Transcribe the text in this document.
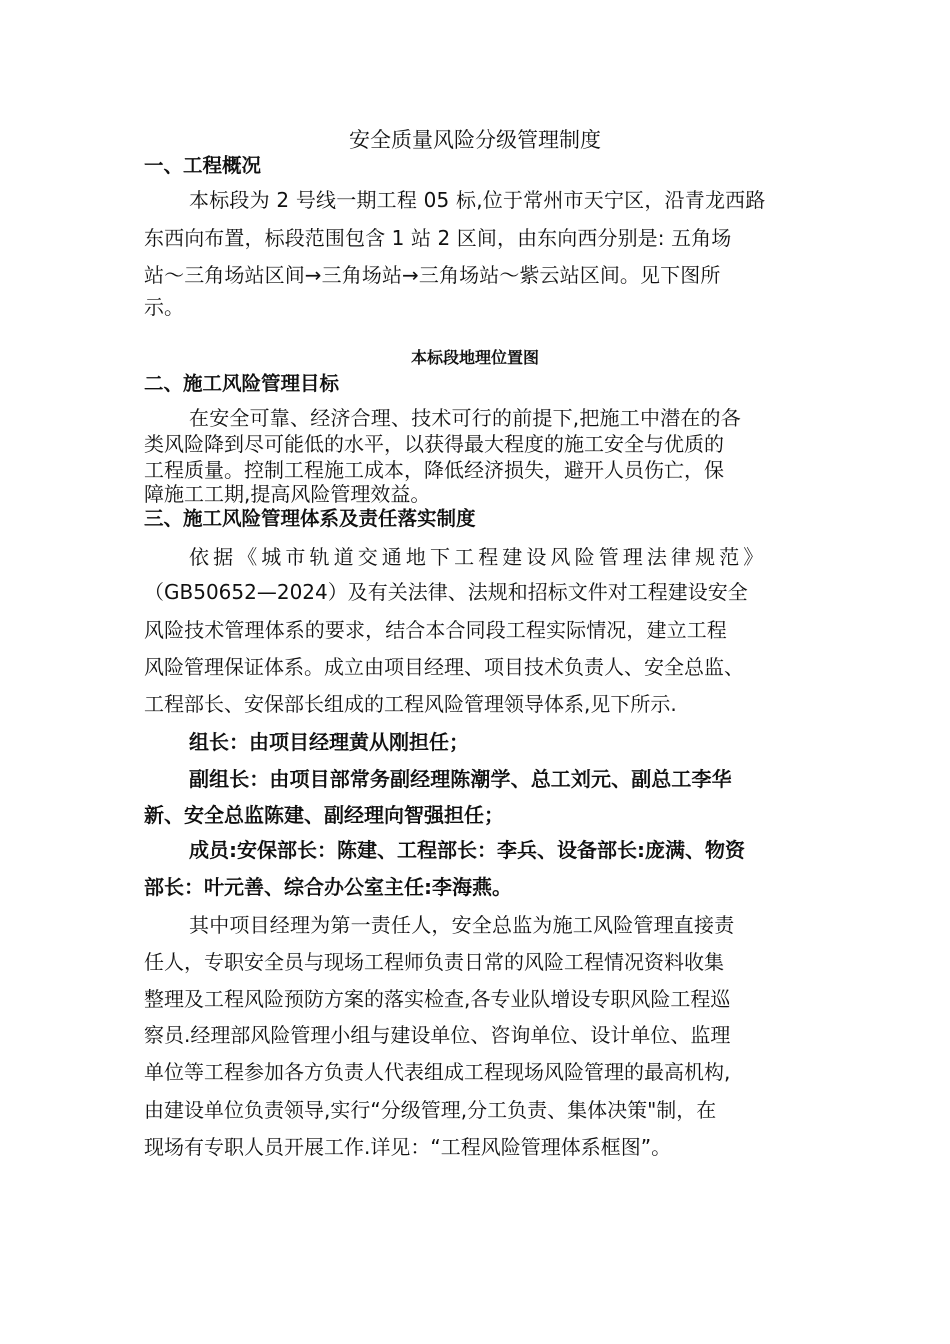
安全质量风险分级管理制度
一、工程概况
本标段为 2 号线一期工程 05 标,位于常州市天宁区，沿青龙西路
东西向布置，标段范围包含 1 站 2 区间，由东向西分别是: 五角场
站～三角场站区间→三角场站→三角场站～紫云站区间。见下图所
示。
本标段地理位置图
二、施工风险管理目标
在安全可靠、经济合理、技术可行的前提下,把施工中潜在的各
类风险降到尽可能低的水平，以获得最大程度的施工安全与优质的
工程质量。控制工程施工成本，降低经济损失，避开人员伤亡，保
障施工工期,提高风险管理效益。
三、施工风险管理体系及责任落实制度
依据《城市轨道交通地下工程建设风险管理法律规范》
（GB50652—2024）及有关法律、法规和招标文件对工程建设安全
风险技术管理体系的要求，结合本合同段工程实际情况，建立工程
风险管理保证体系。成立由项目经理、项目技术负责人、安全总监、
工程部长、安保部长组成的工程风险管理领导体系,见下所示.
组长：由项目经理黄从刚担任；
副组长：由项目部常务副经理陈潮学、总工刘元、副总工李华
新、安全总监陈建、副经理向智强担任；
成员:安保部长：陈建、工程部长：李兵、设备部长:庞满、物资
部长：叶元善、综合办公室主任:李海燕。
其中项目经理为第一责任人，安全总监为施工风险管理直接责
任人，专职安全员与现场工程师负责日常的风险工程情况资料收集
整理及工程风险预防方案的落实检查,各专业队增设专职风险工程巡
察员.经理部风险管理小组与建设单位、咨询单位、设计单位、监理
单位等工程参加各方负责人代表组成工程现场风险管理的最高机构,
由建设单位负责领导,实行“分级管理,分工负责、集体决策"制，在
现场有专职人员开展工作.详见：“工程风险管理体系框图”。
